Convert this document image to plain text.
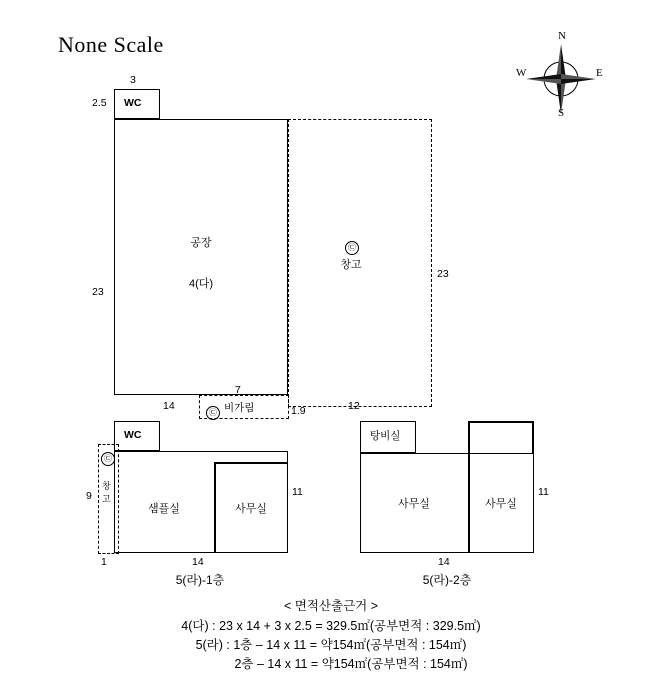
None Scale	N
E
S
W
WC
3
2.5
공장
4(다)
23
14
㉢
창고
23
12
㉢ 비가림
7
1.9
WC
㉢
창
고
9
1
샘플실	사무실
11
14
5(라)-1층
탕비실
사무실	사무실
11
14
5(라)-2층
< 면적산출근거 >
4(다) : 23 x 14 + 3 x 2.5 = 329.5㎡(공부면적 : 329.5㎡)
5(라) : 1층 – 14 x 11 = 약154㎡(공부면적 : 154㎡)
2층 – 14 x 11 = 약154㎡(공부면적 : 154㎡)
